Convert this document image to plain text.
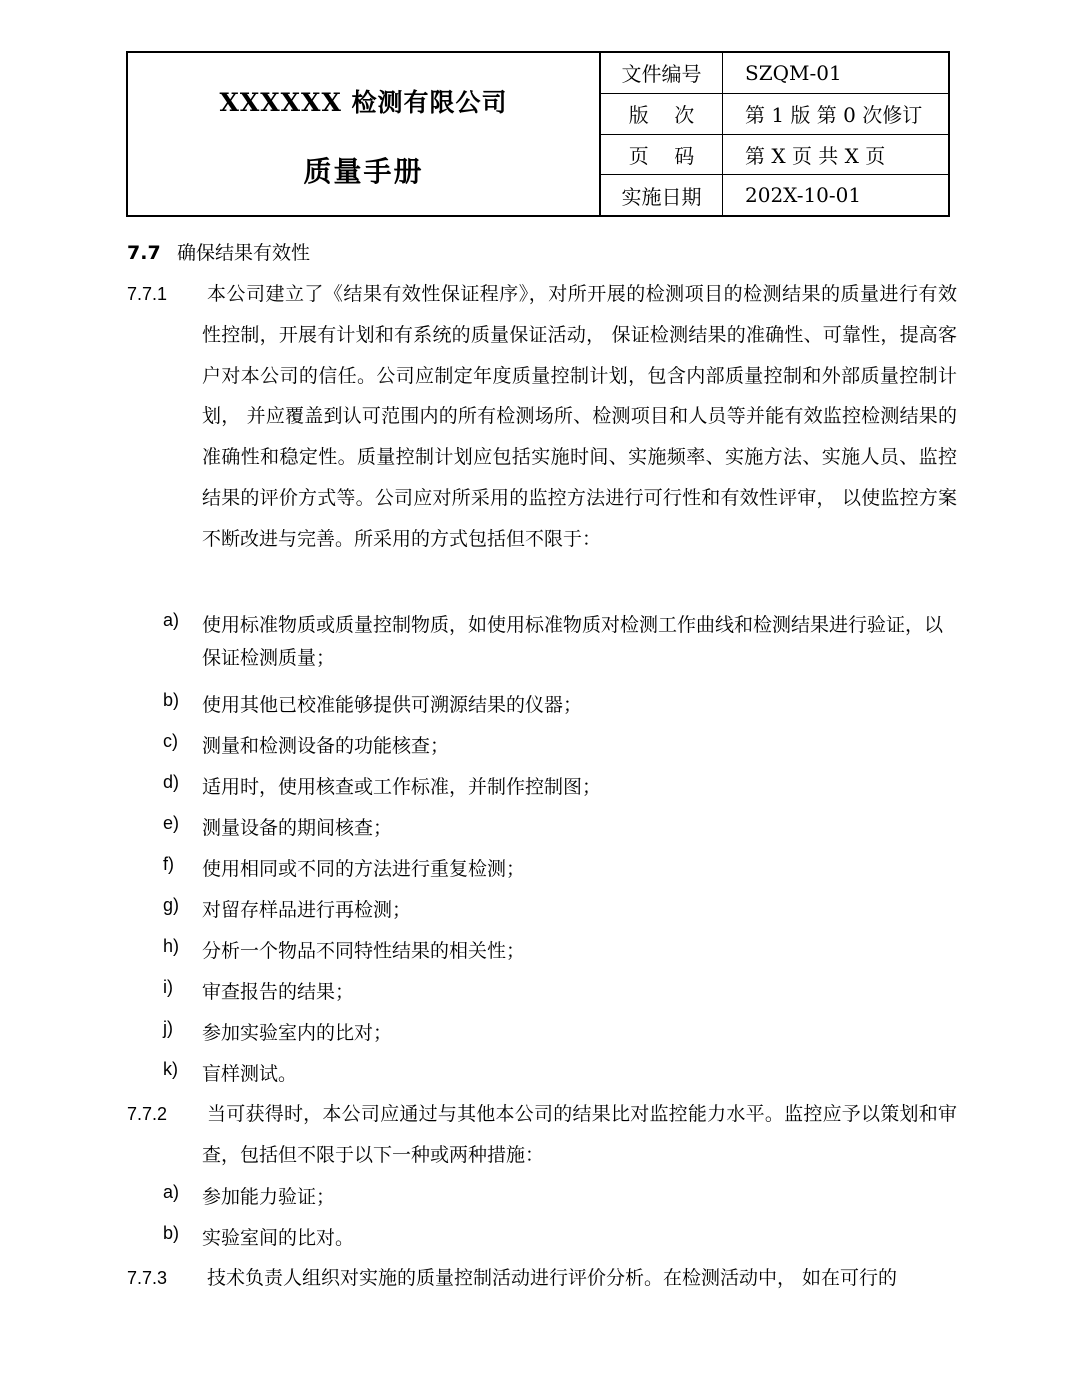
XXXXXX 检测有限公司
质量手册
文件编号	SZQM-01
版    次	第 1 版 第 0 次修订
页    码	第 X 页 共 X 页
实施日期	202X-10-01
7.7 确保结果有效性
7.7.1 本公司建立了《结果有效性保证程序》，对所开展的检测项目的检测结果的质量进行有效性控制，开展有计划和有系统的质量保证活动， 保证检测结果的准确性、可靠性，提高客户对本公司的信任。公司应制定年度质量控制计划，包含内部质量控制和外部质量控制计划， 并应覆盖到认可范围内的所有检测场所、检测项目和人员等并能有效监控检测结果的准确性和稳定性。质量控制计划应包括实施时间、实施频率、实施方法、实施人员、监控结果的评价方式等。公司应对所采用的监控方法进行可行性和有效性评审， 以使监控方案不断改进与完善。所采用的方式包括但不限于：
a) 使用标准物质或质量控制物质，如使用标准物质对检测工作曲线和检测结果进行验证，以保证检测质量；
b) 使用其他已校准能够提供可溯源结果的仪器；
c) 测量和检测设备的功能核查；
d) 适用时，使用核查或工作标准，并制作控制图；
e) 测量设备的期间核查；
f) 使用相同或不同的方法进行重复检测；
g) 对留存样品进行再检测；
h) 分析一个物品不同特性结果的相关性；
i) 审查报告的结果；
j) 参加实验室内的比对；
k) 盲样测试。
7.7.2 当可获得时，本公司应通过与其他本公司的结果比对监控能力水平。监控应予以策划和审查，包括但不限于以下一种或两种措施：
a) 参加能力验证；
b) 实验室间的比对。
7.7.3 技术负责人组织对实施的质量控制活动进行评价分析。在检测活动中， 如在可行的
